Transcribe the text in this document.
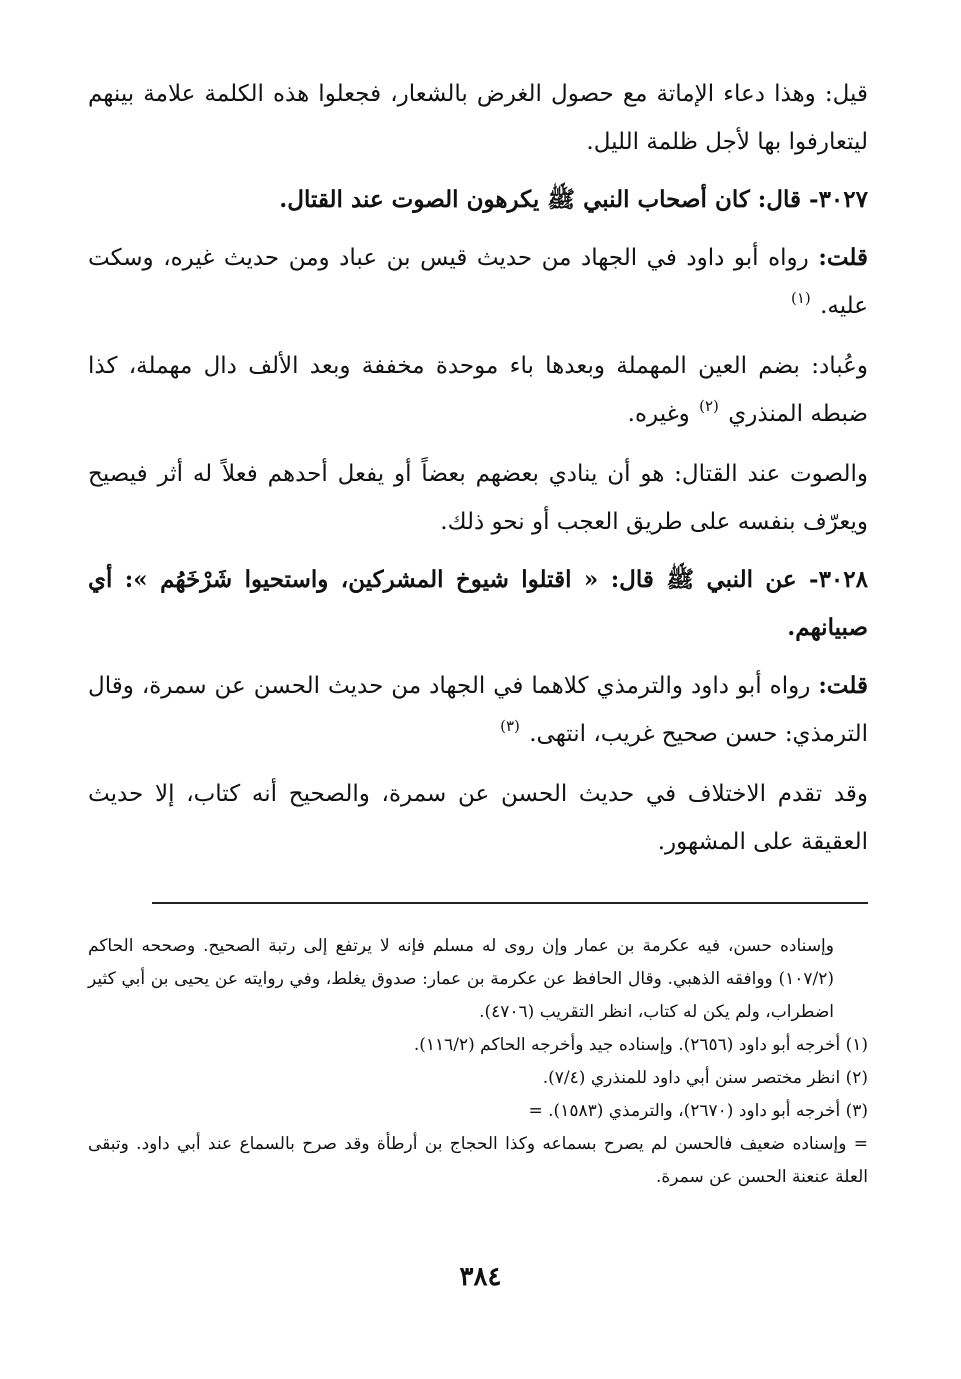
قيل: وهذا دعاء الإماتة مع حصول الغرض بالشعار، فجعلوا هذه الكلمة علامة بينهم ليتعارفوا بها لأجل ظلمة الليل.

٣٠٢٧- قال: كان أصحاب النبي ﷺ يكرهون الصوت عند القتال.

قلت: رواه أبو داود في الجهاد من حديث قيس بن عباد ومن حديث غيره، وسكت عليه. $^{(١)}$

وعُباد: بضم العين المهملة وبعدها باء موحدة مخففة وبعد الألف دال مهملة، كذا ضبطه المنذري $^{(٢)}$ وغيره.

والصوت عند القتال: هو أن ينادي بعضهم بعضاً أو يفعل أحدهم فعلاً له أثر فيصيح ويعرّف بنفسه على طريق العجب أو نحو ذلك.

٣٠٢٨- عن النبي ﷺ قال: « اقتلوا شيوخ المشركين، واستحيوا شَرْخَهُم »: أي صبيانهم.

قلت: رواه أبو داود والترمذي كلاهما في الجهاد من حديث الحسن عن سمرة، وقال الترمذي: حسن صحيح غريب، انتهى. $^{(٣)}$

وقد تقدم الاختلاف في حديث الحسن عن سمرة، والصحيح أنه كتاب، إلا حديث العقيقة على المشهور.

وإسناده حسن، فيه عكرمة بن عمار وإن روى له مسلم فإنه لا يرتفع إلى رتبة الصحيح. وصححه الحاكم (١٠٧/٢) ووافقه الذهبي. وقال الحافظ عن عكرمة بن عمار: صدوق يغلط، وفي روايته عن يحيى بن أبي كثير اضطراب، ولم يكن له كتاب، انظر التقريب (٤٧٠٦).

(١) أخرجه أبو داود (٢٦٥٦). وإسناده جيد وأخرجه الحاكم (١١٦/٢).

(٢) انظر مختصر سنن أبي داود للمنذري (٧/٤).

(٣) أخرجه أبو داود (٢٦٧٠)، والترمذي (١٥٨٣). =

= وإسناده ضعيف فالحسن لم يصرح بسماعه وكذا الحجاج بن أرطأة وقد صرح بالسماع عند أبي داود. وتبقى العلة عنعنة الحسن عن سمرة.

٣٨٤
